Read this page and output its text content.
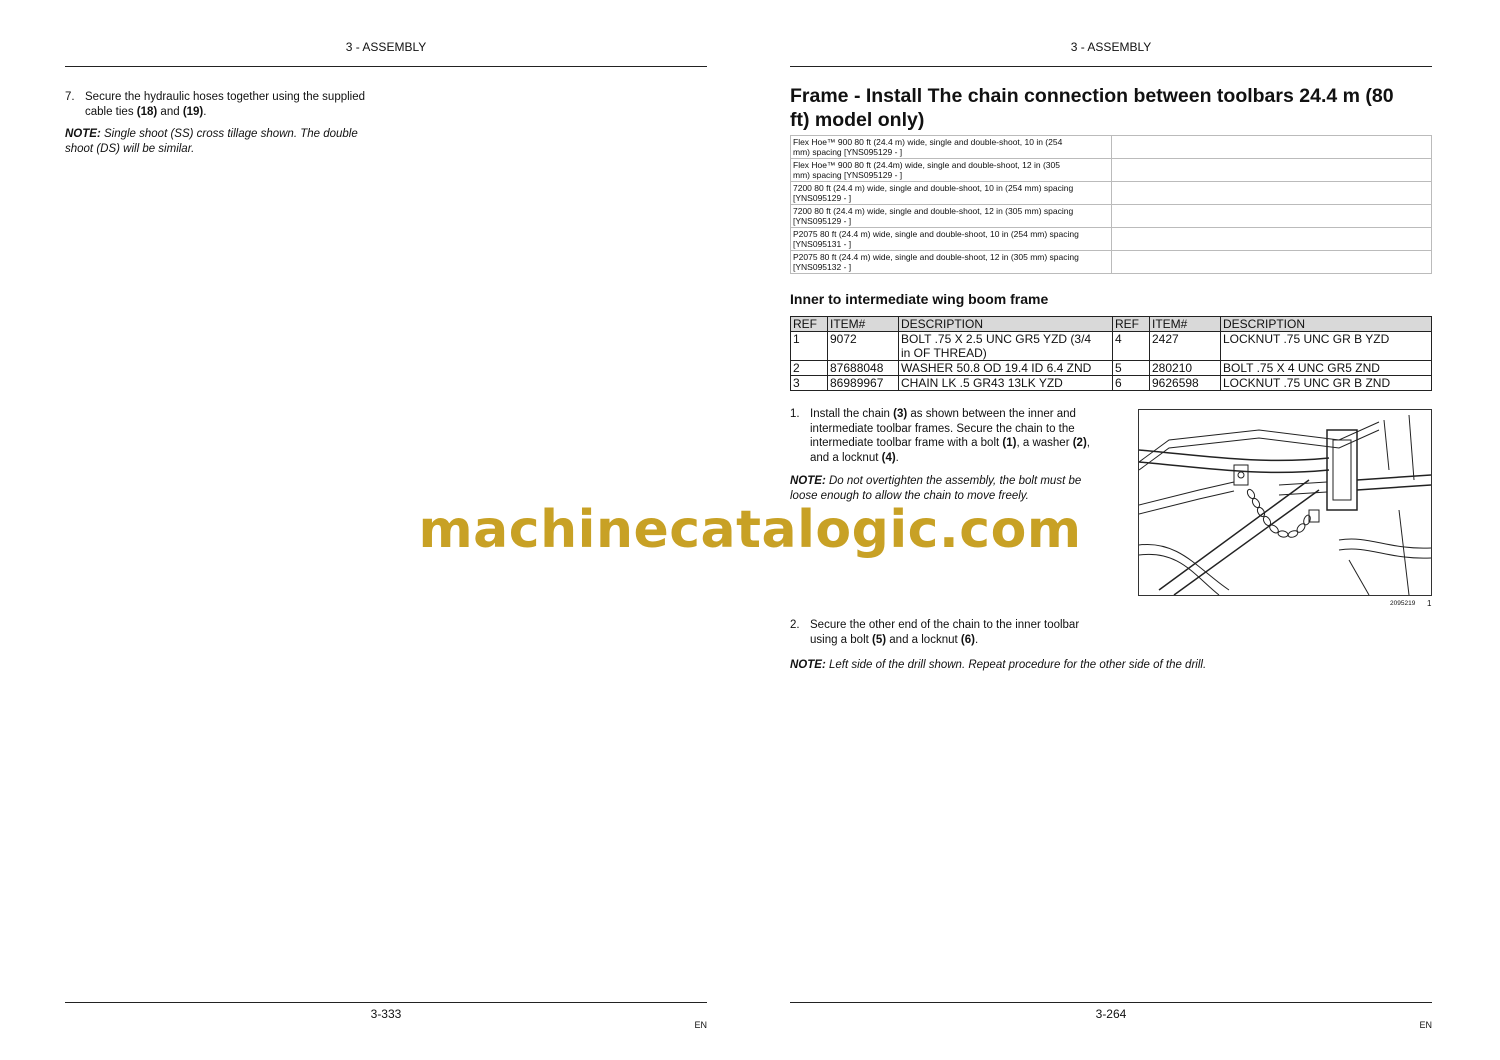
3 - ASSEMBLY
7. Secure the hydraulic hoses together using the supplied
cable ties (18) and (19).
NOTE: Single shoot (SS) cross tillage shown. The double
shoot (DS) will be similar.
3-333
EN
3 - ASSEMBLY
Frame - Install The chain connection between toolbars 24.4 m (80
ft) model only)
Flex Hoe™ 900 80 ft (24.4 m) wide, single and double-shoot, 10 in (254
mm) spacing [YNS095129 - ]	

Flex Hoe™ 900 80 ft (24.4m) wide, single and double-shoot, 12 in (305
mm) spacing [YNS095129 - ]	

7200 80 ft (24.4 m) wide, single and double-shoot, 10 in (254 mm) spacing
[YNS095129 - ]	

7200 80 ft (24.4 m) wide, single and double-shoot, 12 in (305 mm) spacing
[YNS095129 - ]	

P2075 80 ft (24.4 m) wide, single and double-shoot, 10 in (254 mm) spacing
[YNS095131 - ]	

P2075 80 ft (24.4 m) wide, single and double-shoot, 12 in (305 mm) spacing
[YNS095132 - ]	

Inner to intermediate wing boom frame
REF	ITEM#	DESCRIPTION	REF	ITEM#	DESCRIPTION
1	9072	BOLT .75 X 2.5 UNC GR5 YZD (3/4
in OF THREAD)	4	2427	LOCKNUT .75 UNC GR B YZD
2	87688048	WASHER 50.8 OD 19.4 ID 6.4 ZND	5	280210	BOLT .75 X 4 UNC GR5 ZND
3	86989967	CHAIN LK .5 GR43 13LK YZD	6	9626598	LOCKNUT .75 UNC GR B ZND
1. Install the chain (3) as shown between the inner and
intermediate toolbar frames. Secure the chain to the
intermediate toolbar frame with a bolt (1), a washer (2),
and a locknut (4).
NOTE: Do not overtighten the assembly, the bolt must be
loose enough to allow the chain to move freely.
2095219 1
2. Secure the other end of the chain to the inner toolbar
using a bolt (5) and a locknut (6).
NOTE: Left side of the drill shown. Repeat procedure for the other side of the drill.
3-264
EN
machinecatalogic.com
